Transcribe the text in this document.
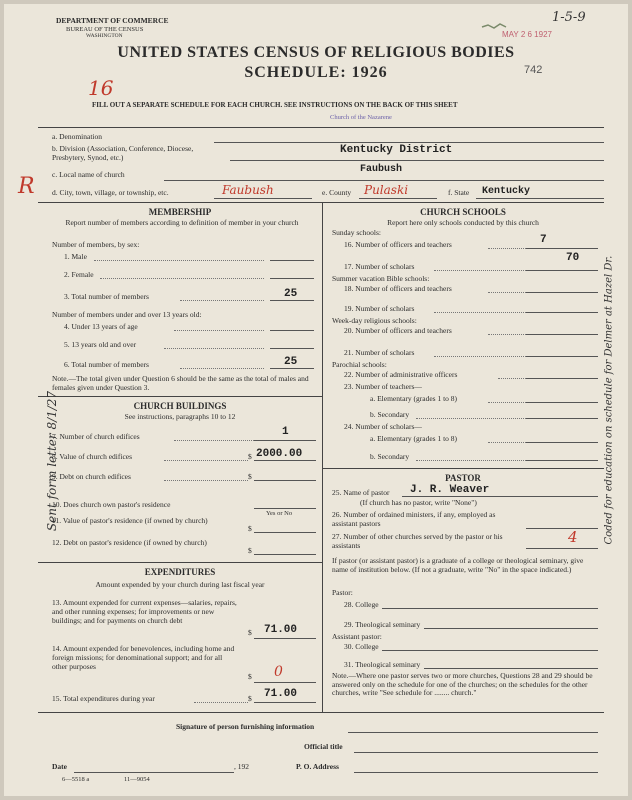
DEPARTMENT OF COMMERCE
BUREAU OF THE CENSUS
WASHINGTON
1-5-9
MAY 2 6 1927
UNITED STATES CENSUS OF RELIGIOUS BODIES
SCHEDULE: 1926	742
16
FILL OUT A SEPARATE SCHEDULE FOR EACH CHURCH. SEE INSTRUCTIONS ON THE BACK OF THIS SHEET
Church of the Nazarene
R
a. Denomination
b. Division (Association, Conference, Diocese, Presbytery, Synod, etc.)
Kentucky District
c. Local name of church	Faubush
d. City, town, village, or township, etc.	Faubush	e. County Pulaski	f. State Kentucky
MEMBERSHIP
Report number of members according to definition of member in your church
Number of members, by sex:
1. Male
2. Female
3. Total number of members	25
Number of members under and over 13 years old:
4. Under 13 years of age
5. 13 years old and over
6. Total number of members	25
Note.—The total given under Question 6 should be the same as the total of males and females given under Question 3.
CHURCH BUILDINGS
See instructions, paragraphs 10 to 12
7. Number of church edifices	1
8. Value of church edifices	$ 2000.00
9. Debt on church edifices	$
10. Does church own pastor's residence
Yes or No
11. Value of pastor's residence (if owned by church)
$
12. Debt on pastor's residence (if owned by church)
$
EXPENDITURES
Amount expended by your church during last fiscal year
13. Amount expended for current expenses—salaries, repairs, and other running expenses; for improvements or new buildings; and for payments on church debt
$ 71.00
14. Amount expended for benevolences, including home and foreign missions; for denominational support; and for all other purposes
$ 0
15. Total expenditures during year	$ 71.00
CHURCH SCHOOLS
Report here only schools conducted by this church
Sunday schools:
16. Number of officers and teachers	7
17. Number of scholars
70
Summer vacation Bible schools:
18. Number of officers and teachers
19. Number of scholars
Week-day religious schools:
20. Number of officers and teachers
21. Number of scholars
Parochial schools:
22. Number of administrative officers
23. Number of teachers—
a. Elementary (grades 1 to 8)
b. Secondary
24. Number of scholars—
a. Elementary (grades 1 to 8)
b. Secondary
PASTOR
25. Name of pastor J. R. Weaver
(If church has no pastor, write "None")
26. Number of ordained ministers, if any, employed as assistant pastors
27. Number of other churches served by the pastor or his assistants	4
If pastor (or assistant pastor) is a graduate of a college or theological seminary, give name of institution below. (If not a graduate, write "No" in the space indicated.)
Pastor:
28. College
29. Theological seminary
Assistant pastor:
30. College
31. Theological seminary
Note.—Where one pastor serves two or more churches, Questions 28 and 29 should be answered only on the schedule for one of the churches; on the schedules for the other churches, write "See schedule for ........ church."
Signature of person furnishing information
Official title
Date	, 192	P. O. Address
6—5518 a	11—9054
Sent form letter 8/1/27	Coded for education on schedule for Delmer at Hazel Dr.
